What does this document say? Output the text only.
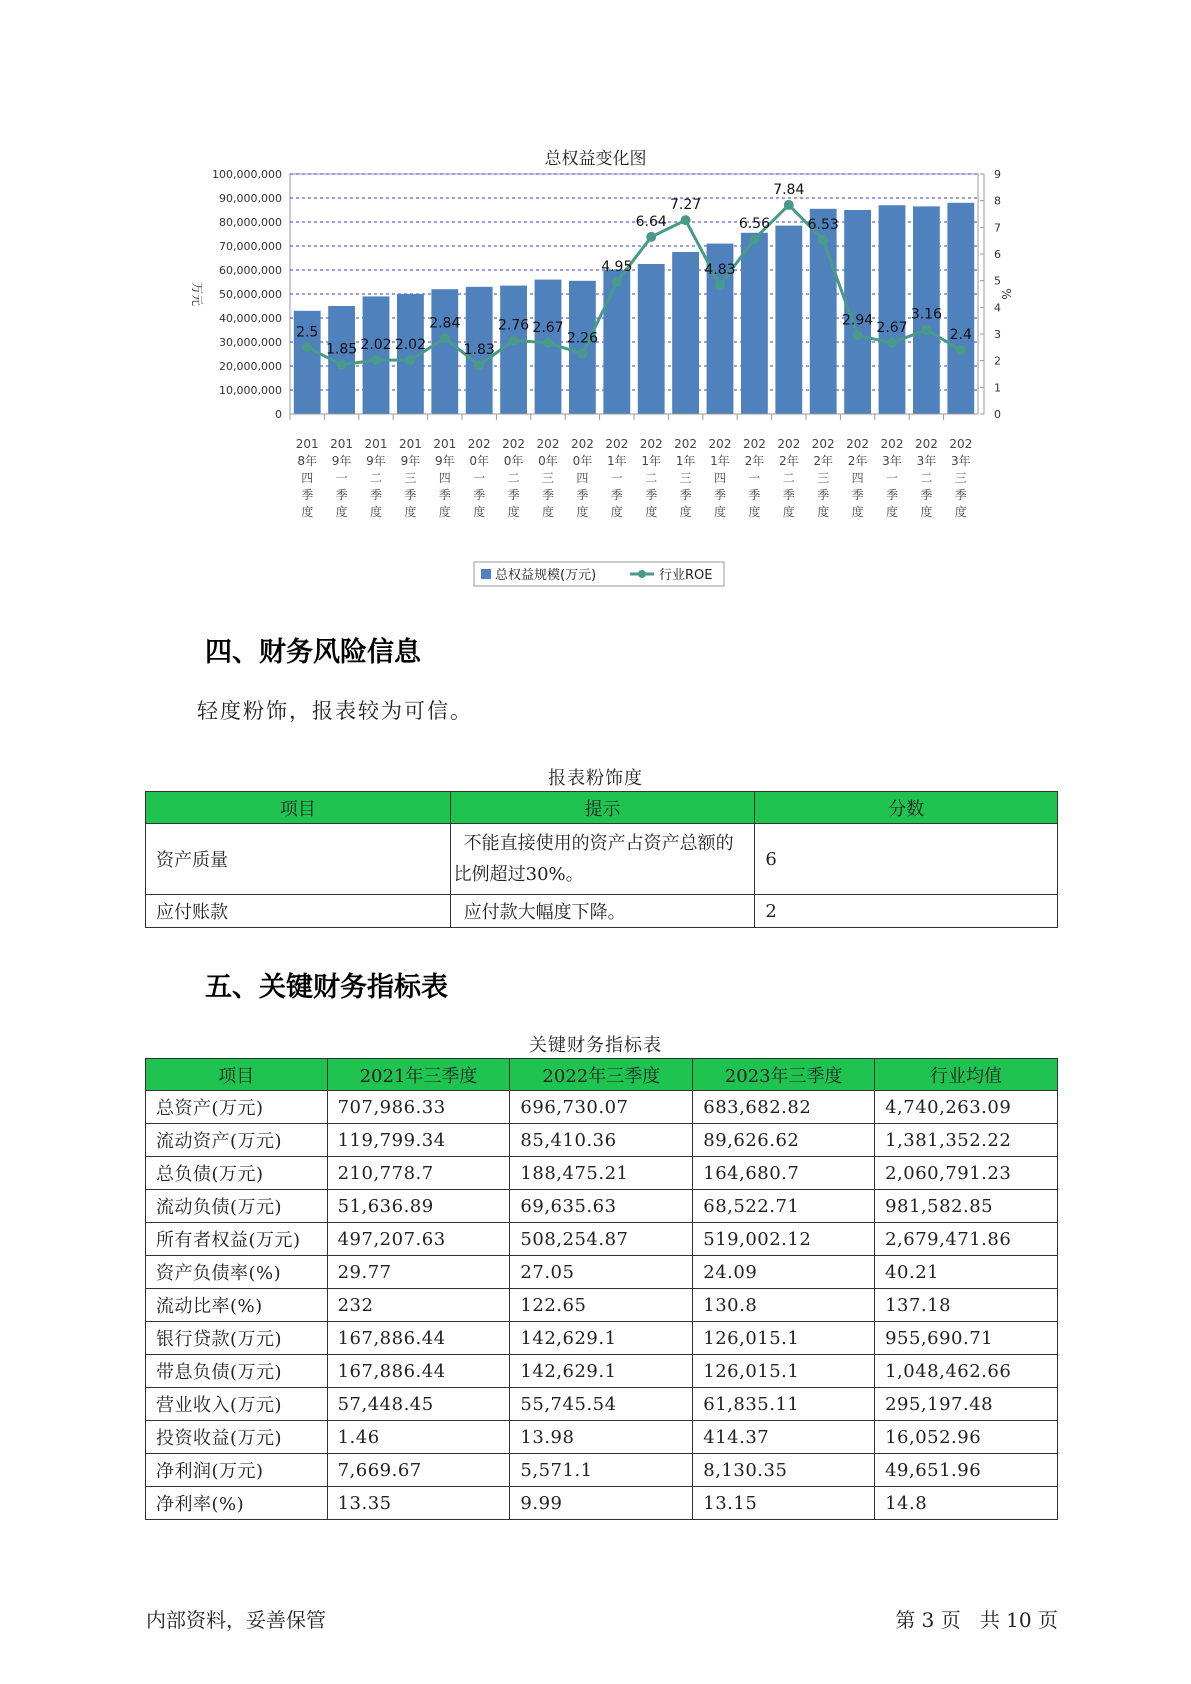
总权益变化图
0
10,000,000
20,000,000
30,000,000
40,000,000
50,000,000
60,000,000
70,000,000
80,000,000
90,000,000
100,000,000
0
1
2
3
4
5
6
7
8
9
万元	%
2.5
1.85 2.02 2.02
2.84
1.83
2.76 2.67
2.26
4.95
6.64
7.27
4.83
6.56
7.84
6.53
2.94 2.67
3.16
2.4
201
8年
四
季
度
201
9年
一
季
度
201
9年
二
季
度
201
9年
三
季
度
201
9年
四
季
度
202
0年
一
季
度
202
0年
二
季
度
202
0年
三
季
度
202
0年
四
季
度
202
1年
一
季
度
202
1年
二
季
度
202
1年
三
季
度
202
1年
四
季
度
202
2年
一
季
度
202
2年
二
季
度
202
2年
三
季
度
202
2年
四
季
度
202
3年
一
季
度
202
3年
二
季
度
202
3年
三
季
度
总权益规模(万元)	行业ROE
四、财务风险信息
轻度粉饰，报表较为可信。
报表粉饰度
项目	提示	分数
资产质量	不能直接使用的资产占资产总额的比例超过30%。	6
应付账款	应付款大幅度下降。	2
五、关键财务指标表
关键财务指标表
项目	2021年三季度	2022年三季度	2023年三季度	行业均值
总资产(万元)	707,986.33	696,730.07	683,682.82	4,740,263.09
流动资产(万元)	119,799.34	85,410.36	89,626.62	1,381,352.22
总负债(万元)	210,778.7	188,475.21	164,680.7	2,060,791.23
流动负债(万元)	51,636.89	69,635.63	68,522.71	981,582.85
所有者权益(万元)	497,207.63	508,254.87	519,002.12	2,679,471.86
资产负债率(%)	29.77	27.05	24.09	40.21
流动比率(%)	232	122.65	130.8	137.18
银行贷款(万元)	167,886.44	142,629.1	126,015.1	955,690.71
带息负债(万元)	167,886.44	142,629.1	126,015.1	1,048,462.66
营业收入(万元)	57,448.45	55,745.54	61,835.11	295,197.48
投资收益(万元)	1.46	13.98	414.37	16,052.96
净利润(万元)	7,669.67	5,571.1	8,130.35	49,651.96
净利率(%)	13.35	9.99	13.15	14.8
内部资料，妥善保管	第 3 页   共 10 页
